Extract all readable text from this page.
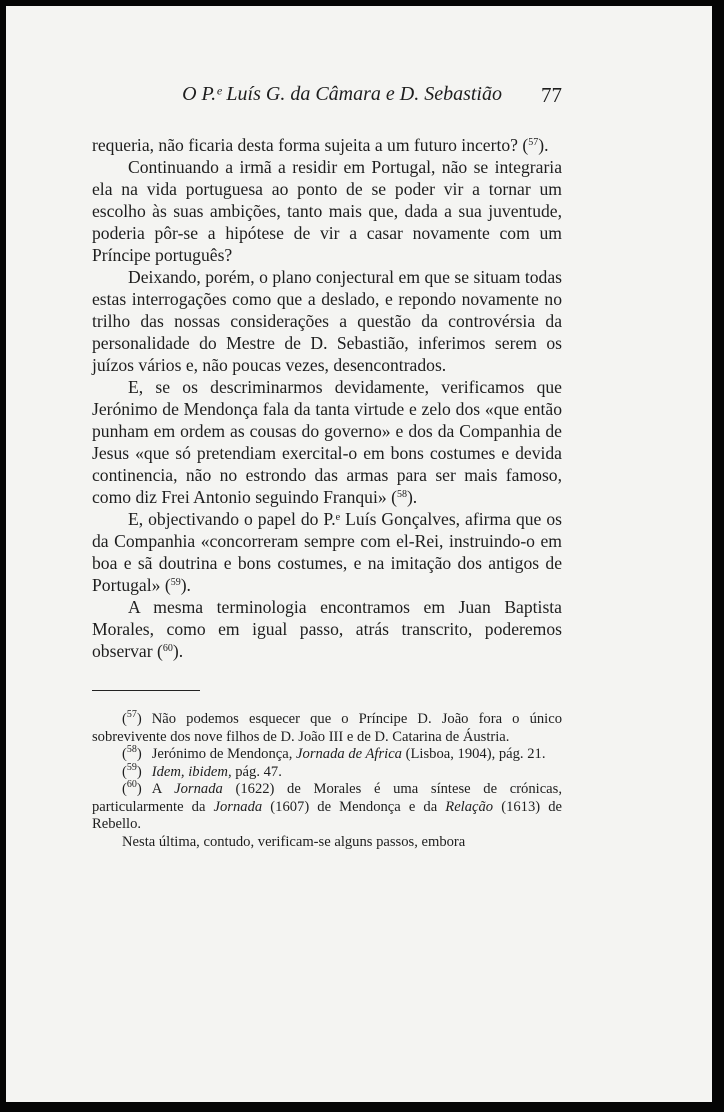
O P.ᵉ Luís G. da Câmara e D. Sebastião 77

requeria, não ficaria desta forma sujeita a um futuro incerto? ($^{57}$).

Continuando a irmã a residir em Portugal, não se integraria ela na vida portuguesa ao ponto de se poder vir a tornar um escolho às suas ambições, tanto mais que, dada a sua juventude, poderia pôr-se a hipótese de vir a casar novamente com um Príncipe português?

Deixando, porém, o plano conjectural em que se situam todas estas interrogações como que a deslado, e repondo novamente no trilho das nossas considerações a questão da controvérsia da personalidade do Mestre de D. Sebastião, inferimos serem os juízos vários e, não poucas vezes, desencontrados.

E, se os descriminarmos devidamente, verificamos que Jerónimo de Mendonça fala da tanta virtude e zelo dos «que então punham em ordem as cousas do governo» e dos da Companhia de Jesus «que só pretendiam exercital-o em bons costumes e devida continencia, não no estrondo das armas para ser mais famoso, como diz Frei Antonio seguindo Franqui» ($^{58}$).

E, objectivando o papel do P.ᵉ Luís Gonçalves, afirma que os da Companhia «concorreram sempre com el-Rei, instruindo-o em boa e sã doutrina e bons costumes, e na imitação dos antigos de Portugal» ($^{59}$).

A mesma terminologia encontramos em Juan Baptista Morales, como em igual passo, atrás transcrito, poderemos observar ($^{60}$).

($^{57}$) Não podemos esquecer que o Príncipe D. João fora o único sobrevivente dos nove filhos de D. João III e de D. Catarina de Áustria.

($^{58}$) Jerónimo de Mendonça, Jornada de Africa (Lisboa, 1904), pág. 21.

($^{59}$) Idem, ibidem, pág. 47.

($^{60}$) A Jornada (1622) de Morales é uma síntese de crónicas, particularmente da Jornada (1607) de Mendonça e da Relação (1613) de Rebello.

Nesta última, contudo, verificam-se alguns passos, embora
